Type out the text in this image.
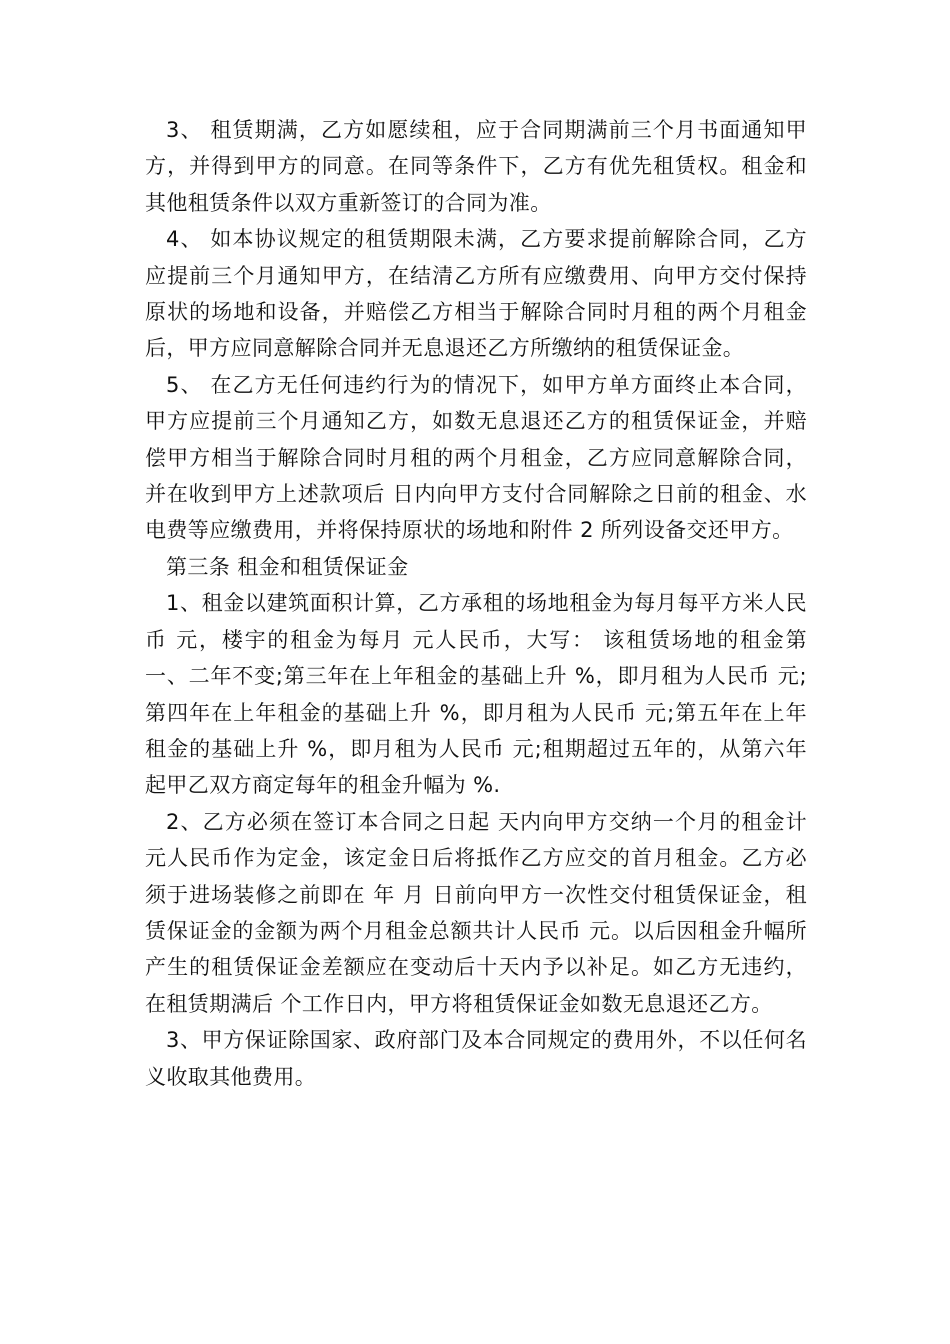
3、 租赁期满，乙方如愿续租，应于合同期满前三个月书面通知甲方，并得到甲方的同意。在同等条件下，乙方有优先租赁权。租金和其他租赁条件以双方重新签订的合同为准。

4、 如本协议规定的租赁期限未满，乙方要求提前解除合同，乙方应提前三个月通知甲方，在结清乙方所有应缴费用、向甲方交付保持原状的场地和设备，并赔偿乙方相当于解除合同时月租的两个月租金后，甲方应同意解除合同并无息退还乙方所缴纳的租赁保证金。

5、 在乙方无任何违约行为的情况下，如甲方单方面终止本合同，甲方应提前三个月通知乙方，如数无息退还乙方的租赁保证金，并赔偿甲方相当于解除合同时月租的两个月租金，乙方应同意解除合同，并在收到甲方上述款项后 日内向甲方支付合同解除之日前的租金、水电费等应缴费用，并将保持原状的场地和附件 2 所列设备交还甲方。

第三条 租金和租赁保证金

1、租金以建筑面积计算，乙方承租的场地租金为每月每平方米人民币 元，楼宇的租金为每月 元人民币，大写： 该租赁场地的租金第一、二年不变;第三年在上年租金的基础上升 %，即月租为人民币 元;第四年在上年租金的基础上升 %，即月租为人民币 元;第五年在上年租金的基础上升 %，即月租为人民币 元;租期超过五年的，从第六年起甲乙双方商定每年的租金升幅为 %.

2、乙方必须在签订本合同之日起 天内向甲方交纳一个月的租金计 元人民币作为定金，该定金日后将抵作乙方应交的首月租金。乙方必须于进场装修之前即在 年 月 日前向甲方一次性交付租赁保证金，租赁保证金的金额为两个月租金总额共计人民币 元。以后因租金升幅所产生的租赁保证金差额应在变动后十天内予以补足。如乙方无违约，在租赁期满后 个工作日内，甲方将租赁保证金如数无息退还乙方。

3、甲方保证除国家、政府部门及本合同规定的费用外，不以任何名义收取其他费用。
